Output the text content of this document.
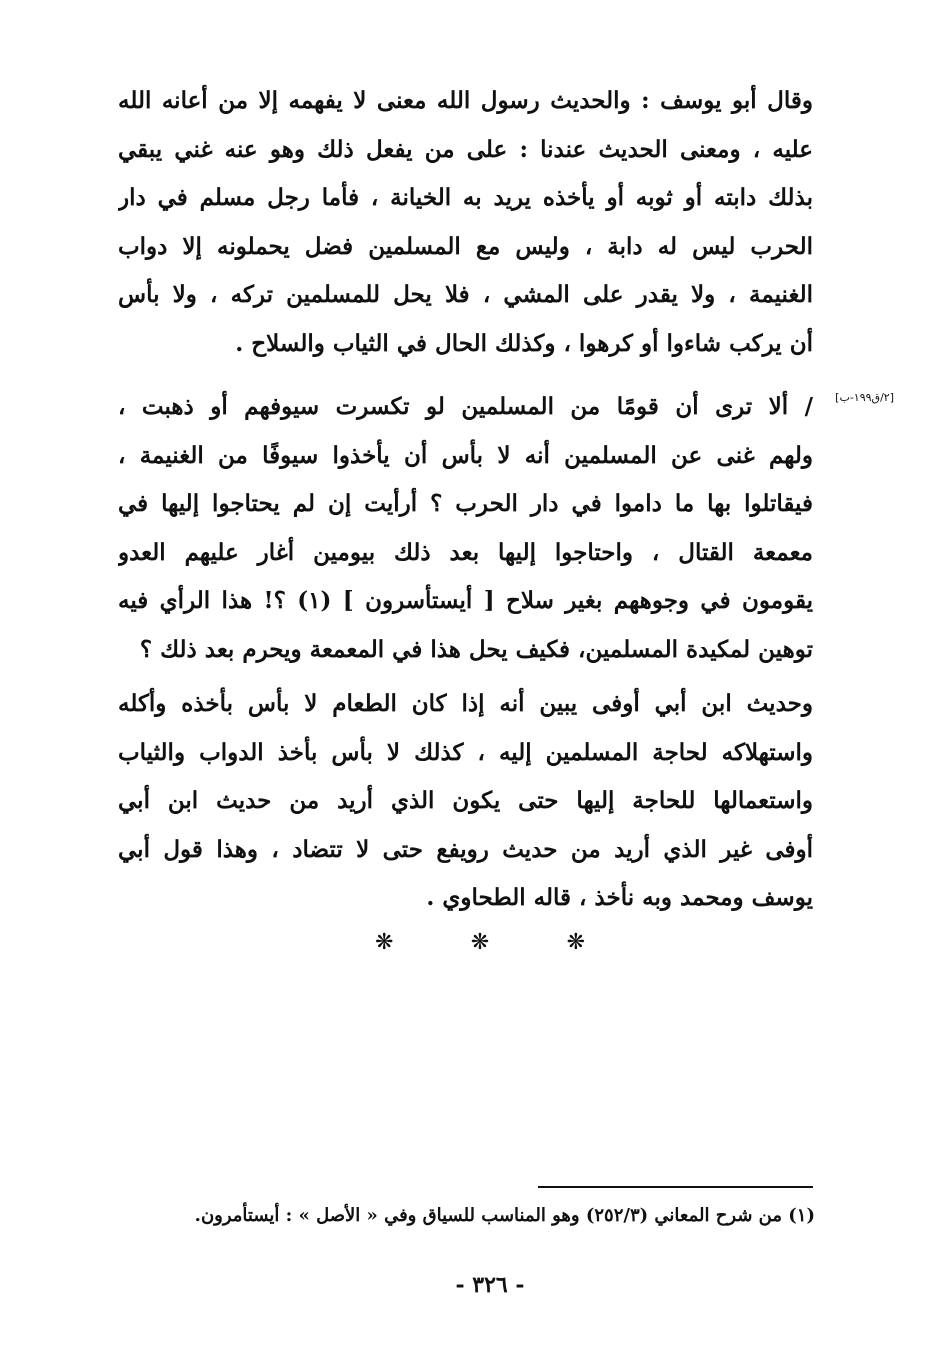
وقال أبو يوسف : والحديث رسول الله معنى لا يفهمه إلا من أعانه الله
عليه ، ومعنى الحديث عندنا : على من يفعل ذلك وهو عنه غني يبقي
بذلك دابته أو ثوبه أو يأخذه يريد به الخيانة ، فأما رجل مسلم في دار
الحرب ليس له دابة ، وليس مع المسلمين فضل يحملونه إلا دواب
الغنيمة ، ولا يقدر على المشي ، فلا يحل للمسلمين تركه ، ولا بأس
أن يركب شاءوا أو كرهوا ، وكذلك الحال في الثياب والسلاح .
[٢/ق١٩٩-ب]
/ ألا ترى أن قومًا من المسلمين لو تكسرت سيوفهم أو ذهبت ،
ولهم غنى عن المسلمين أنه لا بأس أن يأخذوا سيوفًا من الغنيمة ،
فيقاتلوا بها ما داموا في دار الحرب ؟ أرأيت إن لم يحتاجوا إليها في
معمعة القتال ، واحتاجوا إليها بعد ذلك بيومين أغار عليهم العدو
يقومون في وجوههم بغير سلاح [ أيستأسرون ] (١) ؟! هذا الرأي فيه
توهين لمكيدة المسلمين، فكيف يحل هذا في المعمعة ويحرم بعد ذلك ؟
وحديث ابن أبي أوفى يبين أنه إذا كان الطعام لا بأس بأخذه وأكله
واستهلاكه لحاجة المسلمين إليه ، كذلك لا بأس بأخذ الدواب والثياب
واستعمالها للحاجة إليها حتى يكون الذي أريد من حديث ابن أبي
أوفى غير الذي أريد من حديث رويفع حتى لا تتضاد ، وهذا قول أبي
يوسف ومحمد وبه نأخذ ، قاله الطحاوي .
❋
❋
❋
(١) من شرح المعاني (٢٥٢/٣) وهو المناسب للسياق وفي « الأصل » : أيستأمرون.
- ٣٢٦ -
